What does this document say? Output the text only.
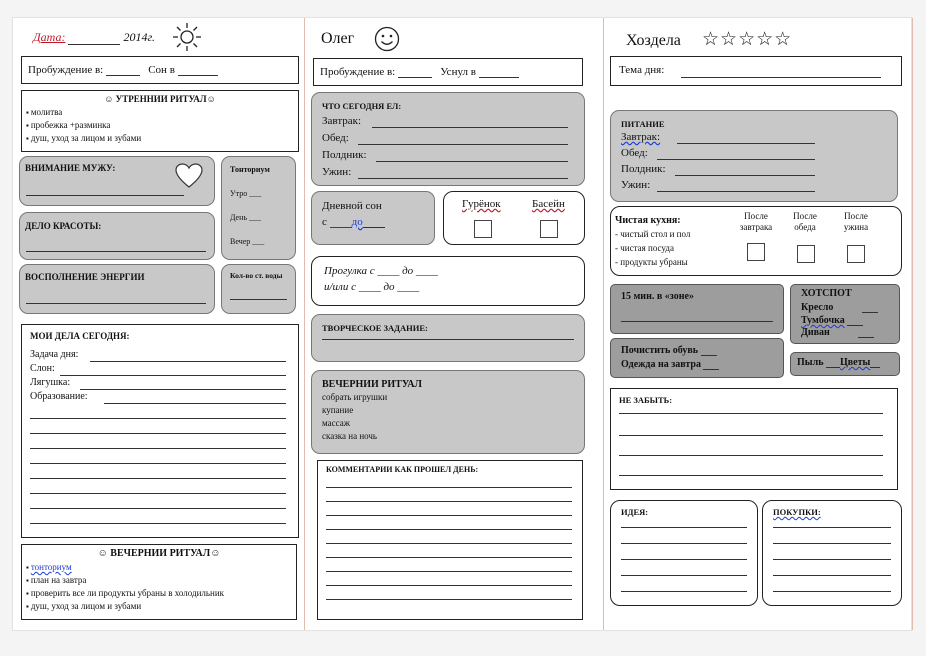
Дата:	2014г.
Пробуждение в:	Сон в
☺ УТРЕННИИ РИТУАЛ☺
▪ молитва
▪ пробежка +разминка
▪ душ, уход за лицом и зубами
ВНИМАНИЕ МУЖУ:
ДЕЛО КРАСОТЫ:
ВОСПОЛНЕНИЕ ЭНЕРГИИ
Тонториум
Утро ___
День ___
Вечер ___
Кол-во ст. воды
МОИ ДЕЛА СЕГОДНЯ:
Задача дня:
Слон:
Лягушка:
Образование:
☺ ВЕЧЕРНИИ РИТУАЛ☺
▪ тонториум
▪ план на завтра
▪ проверить все ли продукты убраны в холодильник
▪ душ, уход за лицом и зубами
Олег
Пробуждение в:	Уснул в
ЧТО СЕГОДНЯ ЕЛ:
Завтрак:
Обед:
Полдник:
Ужин:
Дневной сон
с до
Гурёнок	Басейн
Прогулка с ____ до ____
и/или с ____ до ____
ТВОРЧЕСКОЕ ЗАДАНИЕ:
ВЕЧЕРНИИ РИТУАЛ
собрать игрушки
купание
массаж
сказка на ночь
КОММЕНТАРИИ КАК ПРОШЕЛ ДЕНЬ:
Хоздела ☆☆☆☆☆
Тема дня:
ПИТАНИЕ
Завтрак:
Обед:
Полдник:
Ужин:
Чистая кухня:
- чистый стол и пол
- чистая посуда
- продукты убраны
После завтрака
После обеда
После ужина
15 мин. в «зоне»	ХОТСПОТ
Кресло
Тумбочка
Диван
Почистить обувь
Одежда на завтра	Пыль Цветы
НЕ ЗАБЫТЬ:
ИДЕЯ:	ПОКУПКИ:
